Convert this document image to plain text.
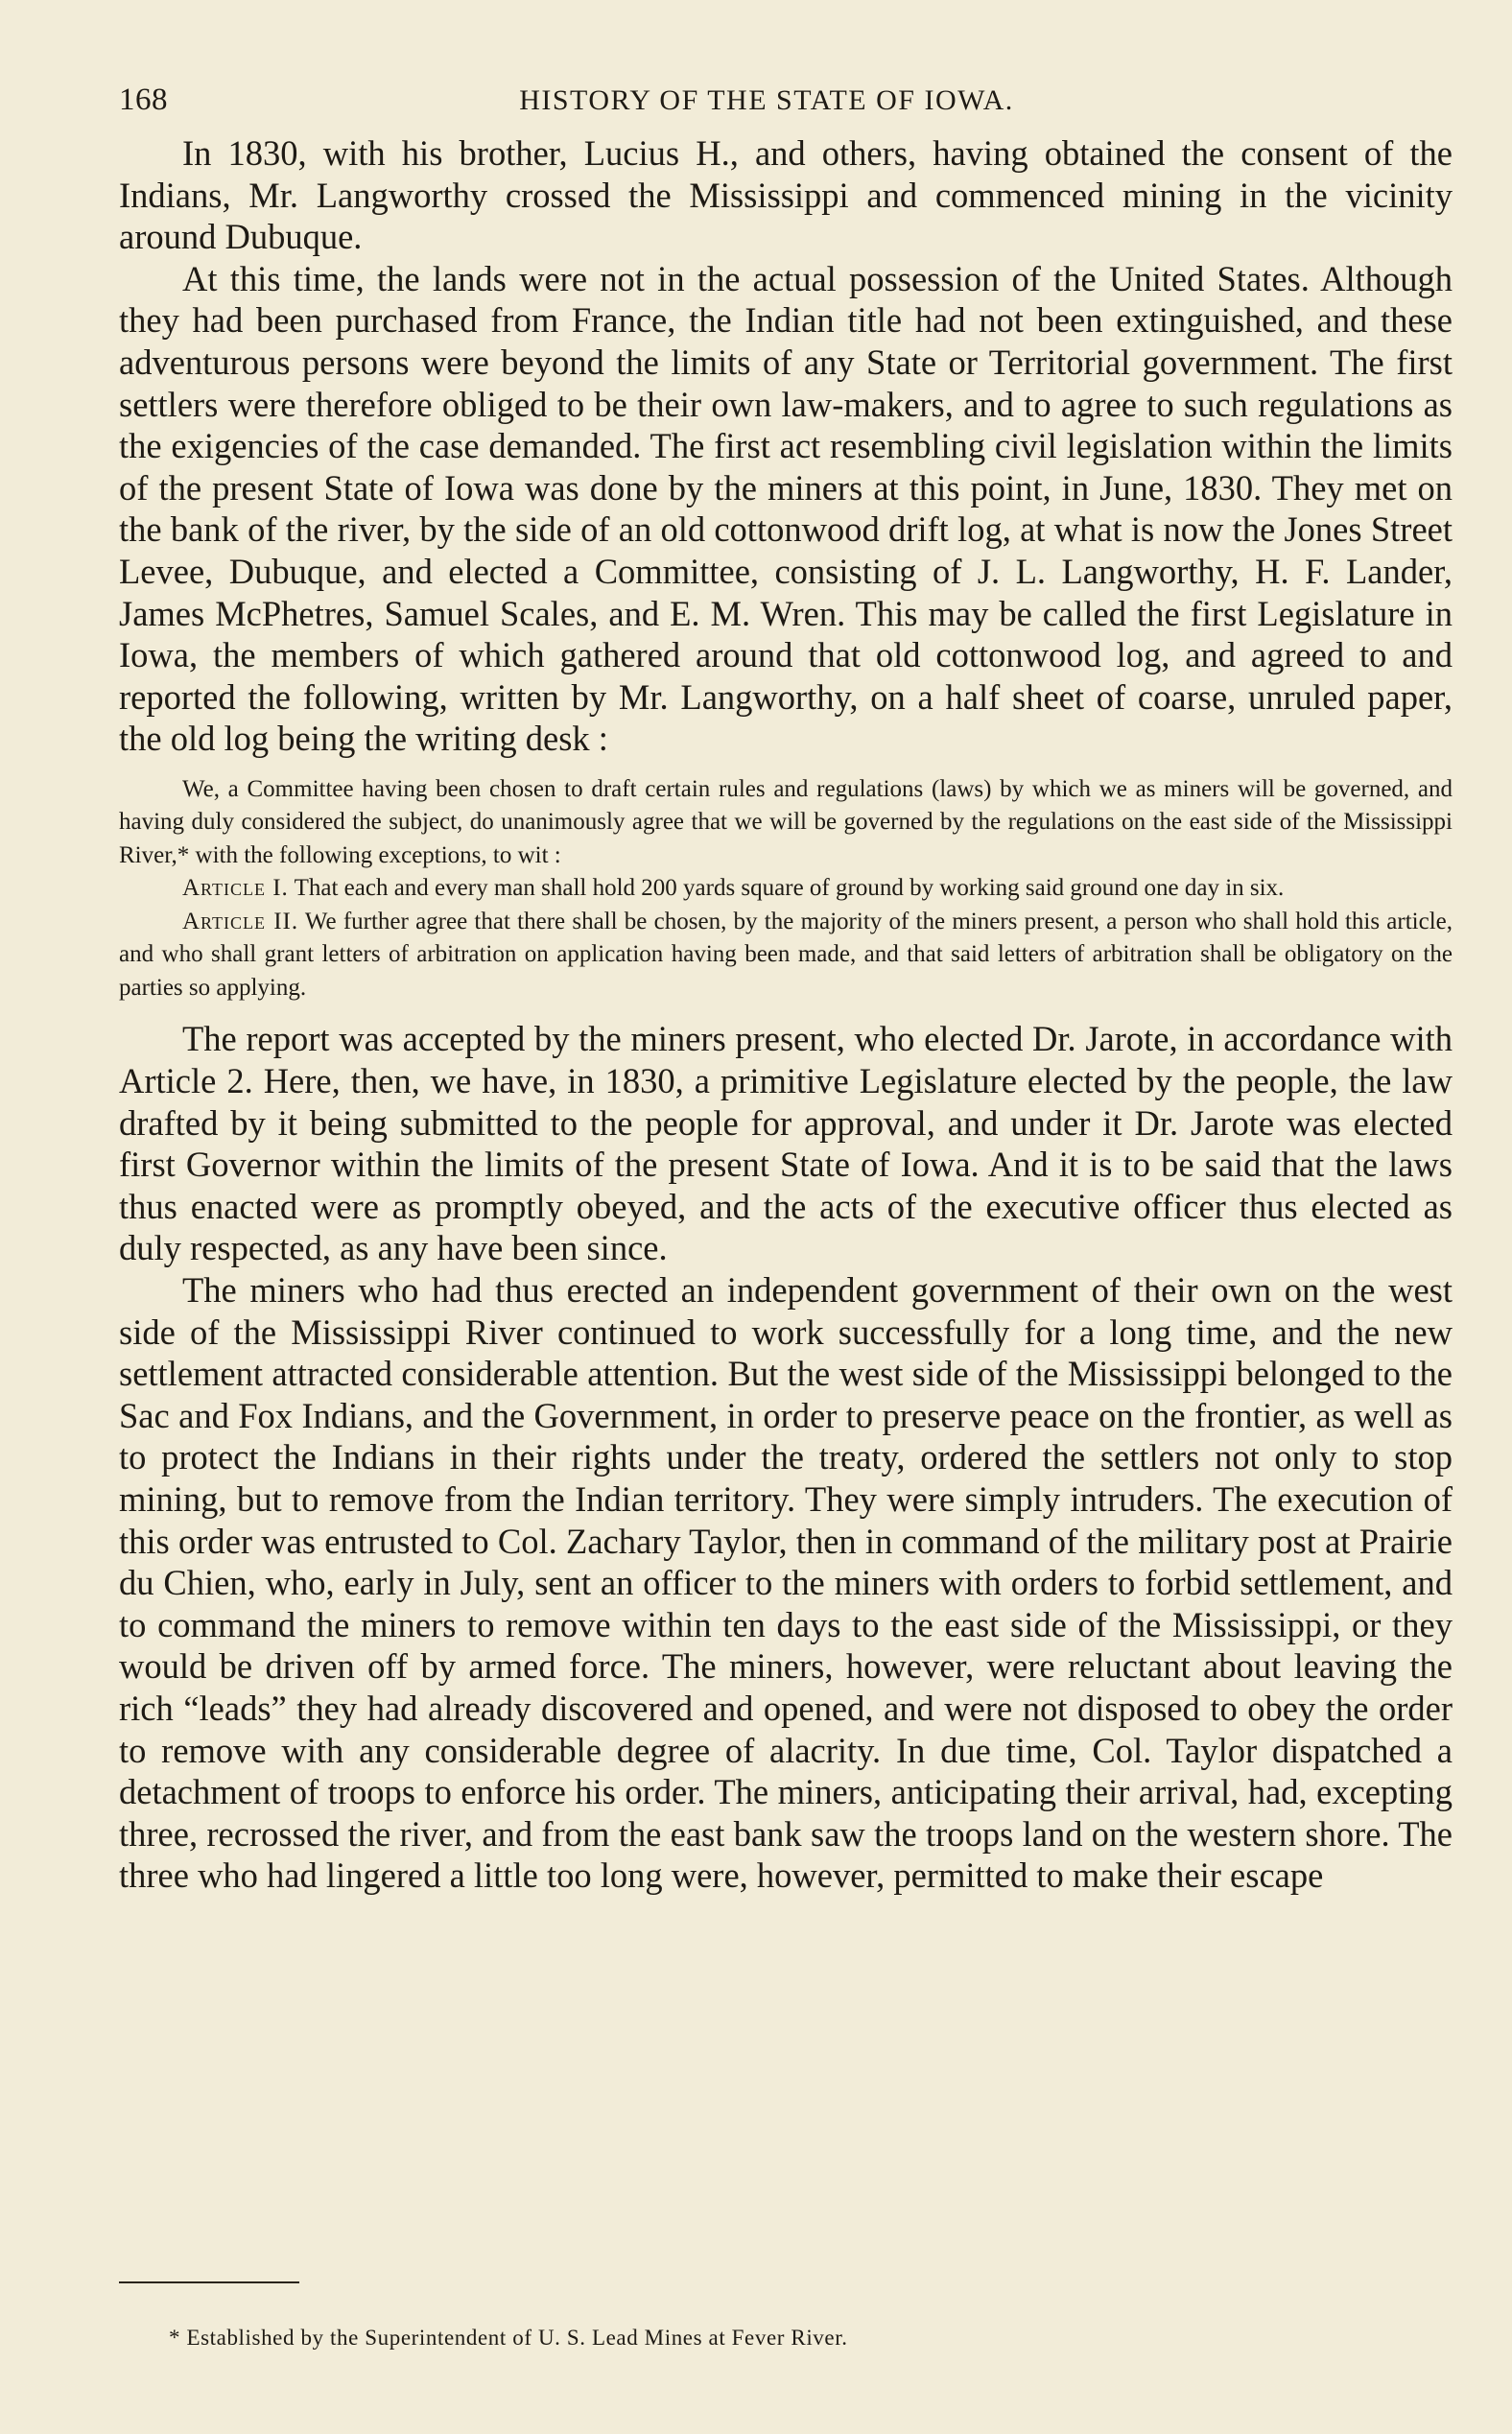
168	HISTORY OF THE STATE OF IOWA.

In 1830, with his brother, Lucius H., and others, having obtained the consent of the Indians, Mr. Langworthy crossed the Mississippi and commenced mining in the vicinity around Dubuque.

At this time, the lands were not in the actual possession of the United States. Although they had been purchased from France, the Indian title had not been extinguished, and these adventurous persons were beyond the limits of any State or Territorial government. The first settlers were therefore obliged to be their own law-makers, and to agree to such regulations as the exigencies of the case demanded. The first act resembling civil legislation within the limits of the present State of Iowa was done by the miners at this point, in June, 1830. They met on the bank of the river, by the side of an old cottonwood drift log, at what is now the Jones Street Levee, Dubuque, and elected a Committee, consisting of J. L. Langworthy, H. F. Lander, James McPhetres, Samuel Scales, and E. M. Wren. This may be called the first Legislature in Iowa, the members of which gathered around that old cottonwood log, and agreed to and reported the following, written by Mr. Langworthy, on a half sheet of coarse, unruled paper, the old log being the writing desk :

We, a Committee having been chosen to draft certain rules and regulations (laws) by which we as miners will be governed, and having duly considered the subject, do unanimously agree that we will be governed by the regulations on the east side of the Mississippi River,* with the following exceptions, to wit :

Article I. That each and every man shall hold 200 yards square of ground by working said ground one day in six.

Article II. We further agree that there shall be chosen, by the majority of the miners present, a person who shall hold this article, and who shall grant letters of arbitration on application having been made, and that said letters of arbitration shall be obligatory on the parties so applying.

The report was accepted by the miners present, who elected Dr. Jarote, in accordance with Article 2. Here, then, we have, in 1830, a primitive Legislature elected by the people, the law drafted by it being submitted to the people for approval, and under it Dr. Jarote was elected first Governor within the limits of the present State of Iowa. And it is to be said that the laws thus enacted were as promptly obeyed, and the acts of the executive officer thus elected as duly respected, as any have been since.

The miners who had thus erected an independent government of their own on the west side of the Mississippi River continued to work successfully for a long time, and the new settlement attracted considerable attention. But the west side of the Mississippi belonged to the Sac and Fox Indians, and the Government, in order to preserve peace on the frontier, as well as to protect the Indians in their rights under the treaty, ordered the settlers not only to stop mining, but to remove from the Indian territory. They were simply intruders. The execution of this order was entrusted to Col. Zachary Taylor, then in command of the military post at Prairie du Chien, who, early in July, sent an officer to the miners with orders to forbid settlement, and to command the miners to remove within ten days to the east side of the Mississippi, or they would be driven off by armed force. The miners, however, were reluctant about leaving the rich “leads” they had already discovered and opened, and were not disposed to obey the order to remove with any considerable degree of alacrity. In due time, Col. Taylor dispatched a detachment of troops to enforce his order. The miners, anticipating their arrival, had, excepting three, recrossed the river, and from the east bank saw the troops land on the western shore. The three who had lingered a little too long were, however, permitted to make their escape

* Established by the Superintendent of U. S. Lead Mines at Fever River.
